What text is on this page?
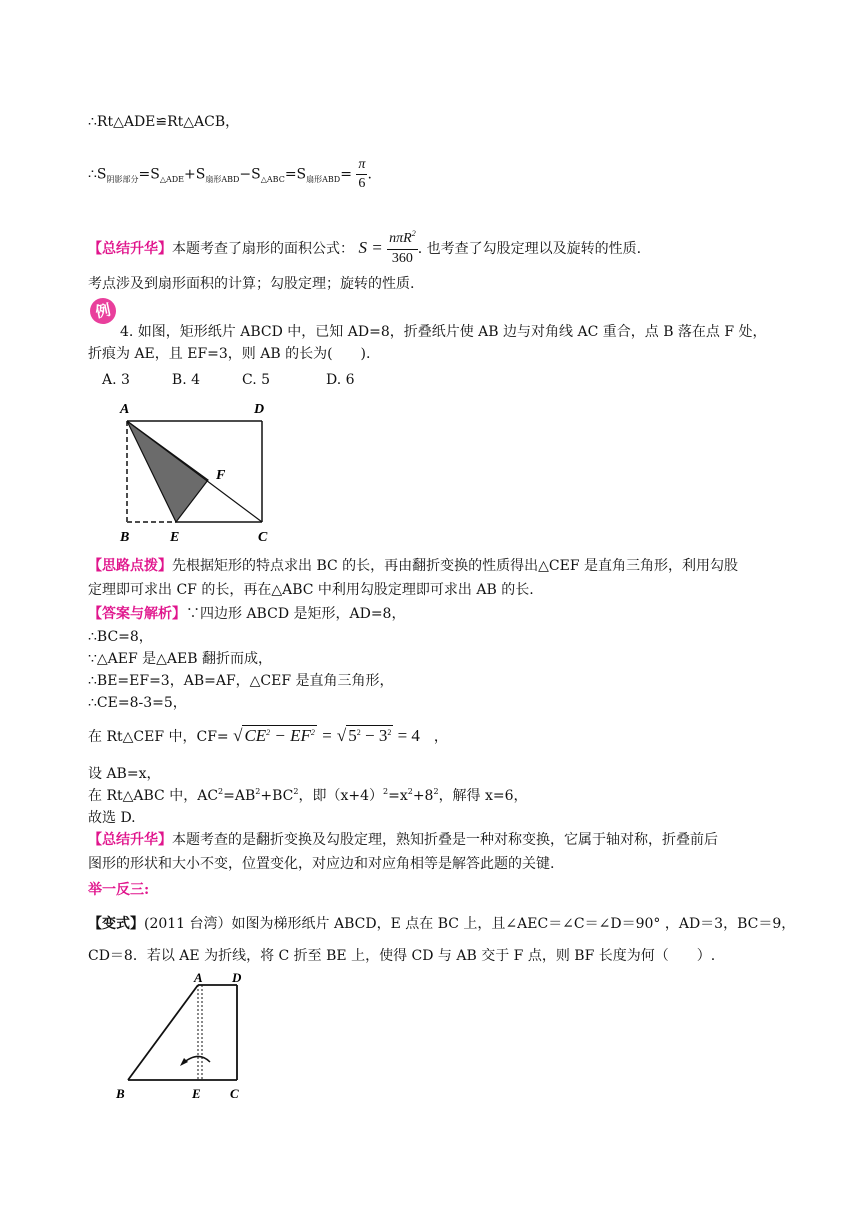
∴Rt△ADE≌Rt△ACB，
$\therefore S_{阴影部分}=S_{\triangle ADE}+S_{扇形ABD}-S_{\triangle ABC}=S_{扇形ABD}= \frac{\pi}{6}$ .
【总结升华】本题考查了扇形的面积公式： $S = \frac{n\pi R^2}{360}$ . 也考查了勾股定理以及旋转的性质.
考点涉及到扇形面积的计算；勾股定理；旋转的性质.
例
4. 如图，矩形纸片 ABCD 中，已知 AD=8，折叠纸片使 AB 边与对角线 AC 重合，点 B 落在点 F 处，
折痕为 AE，且 EF=3，则 AB 的长为(　　).
A. 3　　　B. 4　　　C. 5　　　　D. 6
A	D
B	E	C
F
【思路点拨】先根据矩形的特点求出 BC 的长，再由翻折变换的性质得出△CEF 是直角三角形，利用勾股
定理即可求出 CF 的长，再在△ABC 中利用勾股定理即可求出 AB 的长.
【答案与解析】∵四边形 ABCD 是矩形，AD=8，
∴BC=8，
∵△AEF 是△AEB 翻折而成，
∴BE=EF=3，AB=AF，△CEF 是直角三角形，
∴CE=8-3=5，
在 Rt△CEF 中，CF= √ $CE^2 - EF^2$ = √ $5^2 - 3^2 = 4$　，
设 AB=x，
在 Rt△ABC 中，$AC^2=AB^2+BC^2$，即$(x+4)^2=x^2+8^2$，解得 x=6，
故选 D.
【总结升华】本题考查的是翻折变换及勾股定理，熟知折叠是一种对称变换，它属于轴对称，折叠前后
图形的形状和大小不变，位置变化，对应边和对应角相等是解答此题的关键.
举一反三:
【变式】(2011 台湾）如图为梯形纸片 ABCD，E 点在 BC 上，且∠AEC＝∠C＝∠D＝90° ，AD＝3，BC＝9，
CD＝8．若以 AE 为折线，将 C 折至 BE 上，使得 CD 与 AB 交于 F 点，则 BF 长度为何（　　）.
A D
B	E C
